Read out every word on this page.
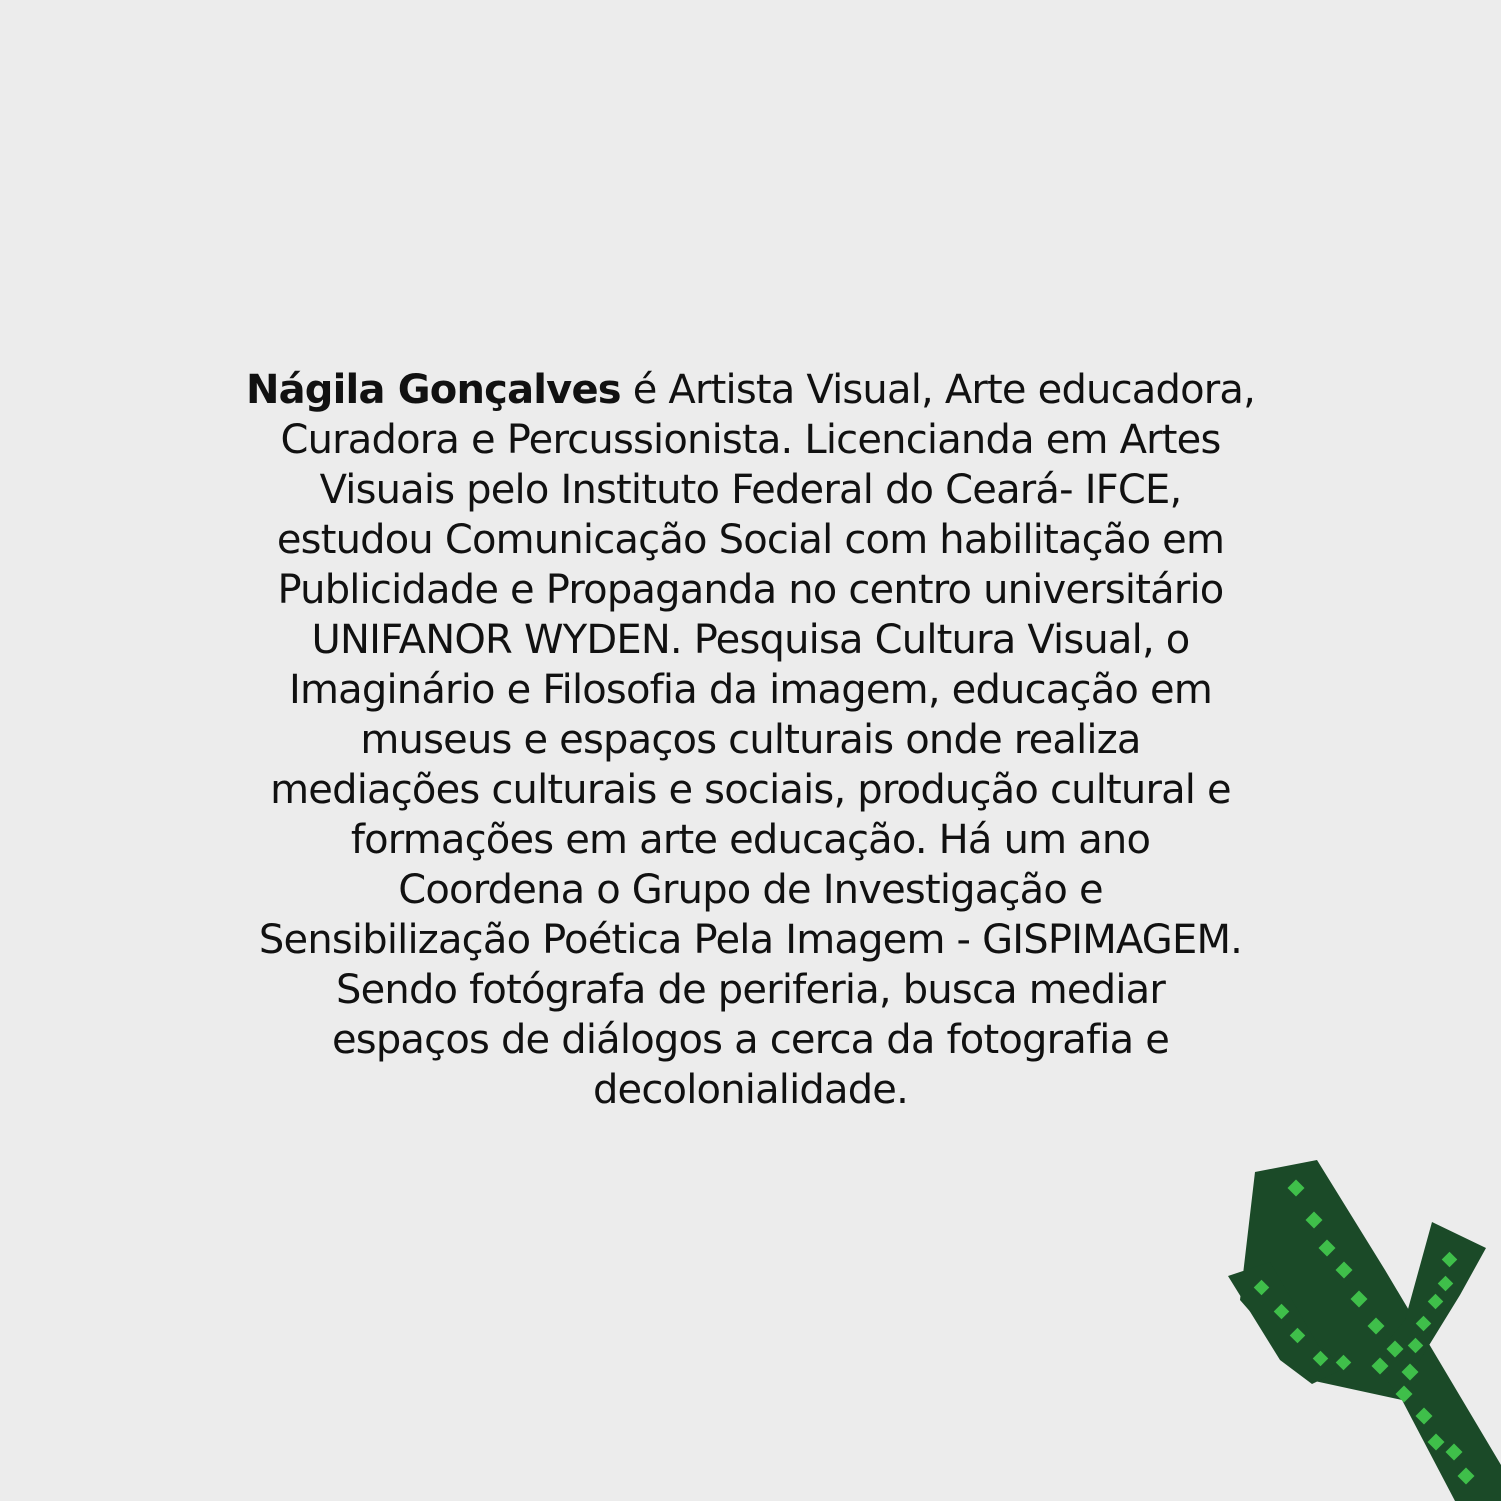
Nágila Gonçalves é Artista Visual, Arte educadora,
Curadora e Percussionista. Licencianda em Artes
Visuais pelo Instituto Federal do Ceará- IFCE,
estudou Comunicação Social com habilitação em
Publicidade e Propaganda no centro universitário
UNIFANOR WYDEN. Pesquisa Cultura Visual, o
Imaginário e Filosofia da imagem, educação em
museus e espaços culturais onde realiza
mediações culturais e sociais, produção cultural e
formações em arte educação. Há um ano
Coordena o Grupo de Investigação e
Sensibilização Poética Pela Imagem - GISPIMAGEM.
Sendo fotógrafa de periferia, busca mediar
espaços de diálogos a cerca da fotografia e
decolonialidade.
